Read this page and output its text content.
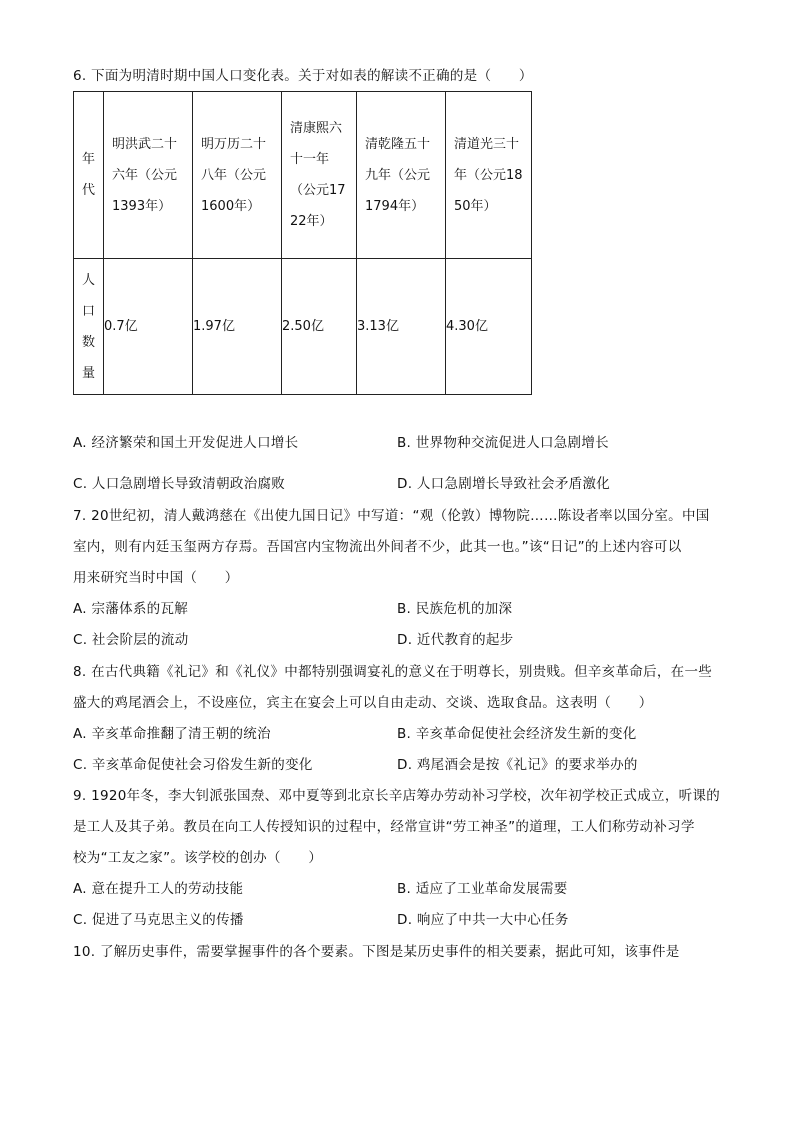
6. 下面为明清时期中国人口变化表。关于对如表的解读不正确的是（　　）
年
代	明洪武二十六年（公元1393年）	明万历二十八年（公元1600年）	清康熙六十一年（公元1722年）	清乾隆五十九年（公元1794年）	清道光三十年（公元1850年）

人
口
数
量	0.7亿	1.97亿	2.50亿	3.13亿	4.30亿
A. 经济繁荣和国土开发促进人口增长	B. 世界物种交流促进人口急剧增长
C. 人口急剧增长导致清朝政治腐败	D. 人口急剧增长导致社会矛盾激化
7. 20世纪初，清人戴鸿慈在《出使九国日记》中写道：“观（伦敦）博物院……陈设者率以国分室。中国
室内，则有内廷玉玺两方存焉。吾国宫内宝物流出外间者不少，此其一也。”该“日记”的上述内容可以
用来研究当时中国（　　）
A. 宗藩体系的瓦解	B. 民族危机的加深
C. 社会阶层的流动	D. 近代教育的起步
8. 在古代典籍《礼记》和《礼仪》中都特别强调宴礼的意义在于明尊长，别贵贱。但辛亥革命后，在一些
盛大的鸡尾酒会上，不设座位，宾主在宴会上可以自由走动、交谈、选取食品。这表明（　　）
A. 辛亥革命推翻了清王朝的统治	B. 辛亥革命促使社会经济发生新的变化
C. 辛亥革命促使社会习俗发生新的变化	D. 鸡尾酒会是按《礼记》的要求举办的
9. 1920年冬，李大钊派张国焘、邓中夏等到北京长辛店筹办劳动补习学校，次年初学校正式成立，听课的
是工人及其子弟。教员在向工人传授知识的过程中，经常宣讲“劳工神圣”的道理，工人们称劳动补习学
校为“工友之家”。该学校的创办（　　）
A. 意在提升工人的劳动技能	B. 适应了工业革命发展需要
C. 促进了马克思主义的传播	D. 响应了中共一大中心任务
10. 了解历史事件，需要掌握事件的各个要素。下图是某历史事件的相关要素，据此可知，该事件是
